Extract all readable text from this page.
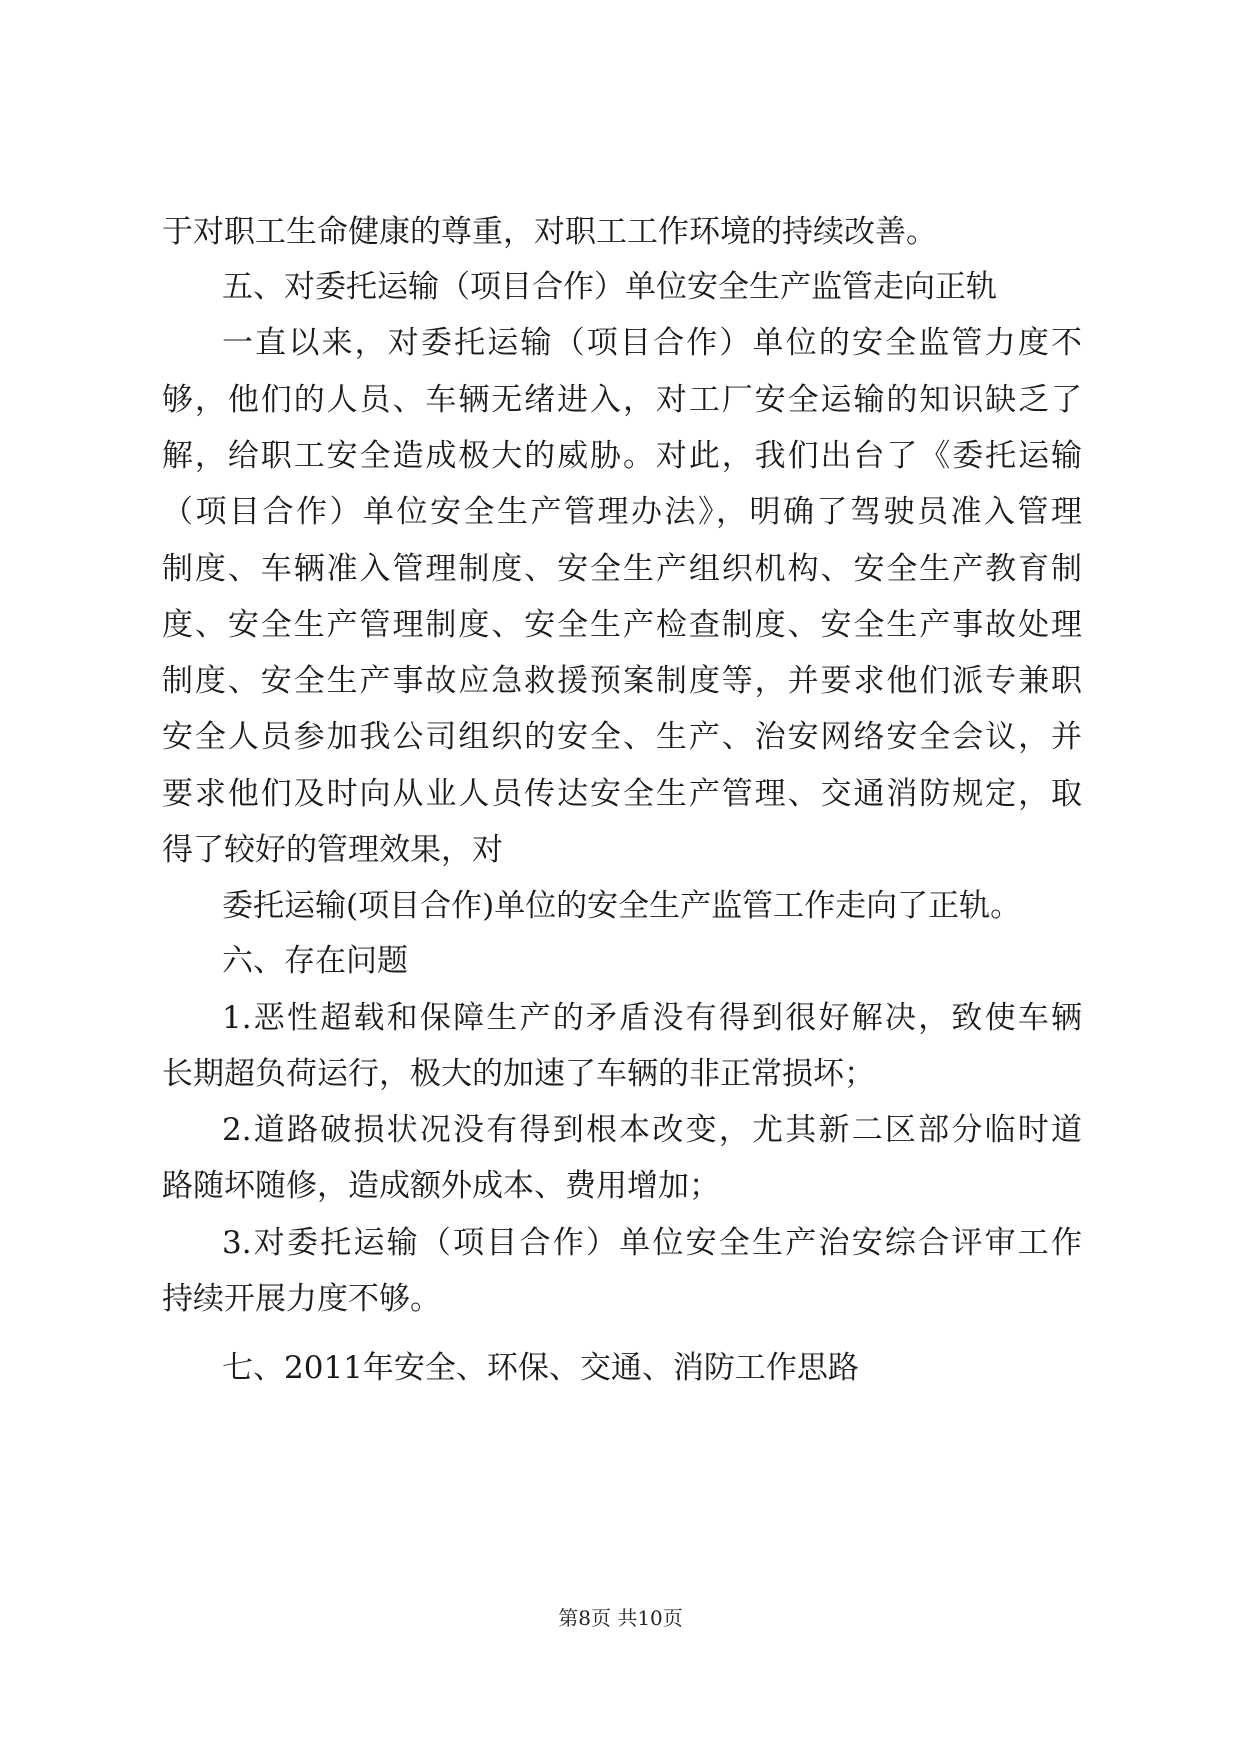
于对职工生命健康的尊重，对职工工作环境的持续改善。
五、对委托运输（项目合作）单位安全生产监管走向正轨
一直以来，对委托运输（项目合作）单位的安全监管力度不
够，他们的人员、车辆无绪进入，对工厂安全运输的知识缺乏了
解，给职工安全造成极大的威胁。对此，我们出台了《委托运输
（项目合作）单位安全生产管理办法》，明确了驾驶员准入管理
制度、车辆准入管理制度、安全生产组织机构、安全生产教育制
度、安全生产管理制度、安全生产检查制度、安全生产事故处理
制度、安全生产事故应急救援预案制度等，并要求他们派专兼职
安全人员参加我公司组织的安全、生产、治安网络安全会议，并
要求他们及时向从业人员传达安全生产管理、交通消防规定，取
得了较好的管理效果，对
委托运输(项目合作)单位的安全生产监管工作走向了正轨。
六、存在问题
1.恶性超载和保障生产的矛盾没有得到很好解决，致使车辆
长期超负荷运行，极大的加速了车辆的非正常损坏；
2.道路破损状况没有得到根本改变，尤其新二区部分临时道
路随坏随修，造成额外成本、费用增加；
3.对委托运输（项目合作）单位安全生产治安综合评审工作
持续开展力度不够。
七、2011年安全、环保、交通、消防工作思路
第8页 共10页
